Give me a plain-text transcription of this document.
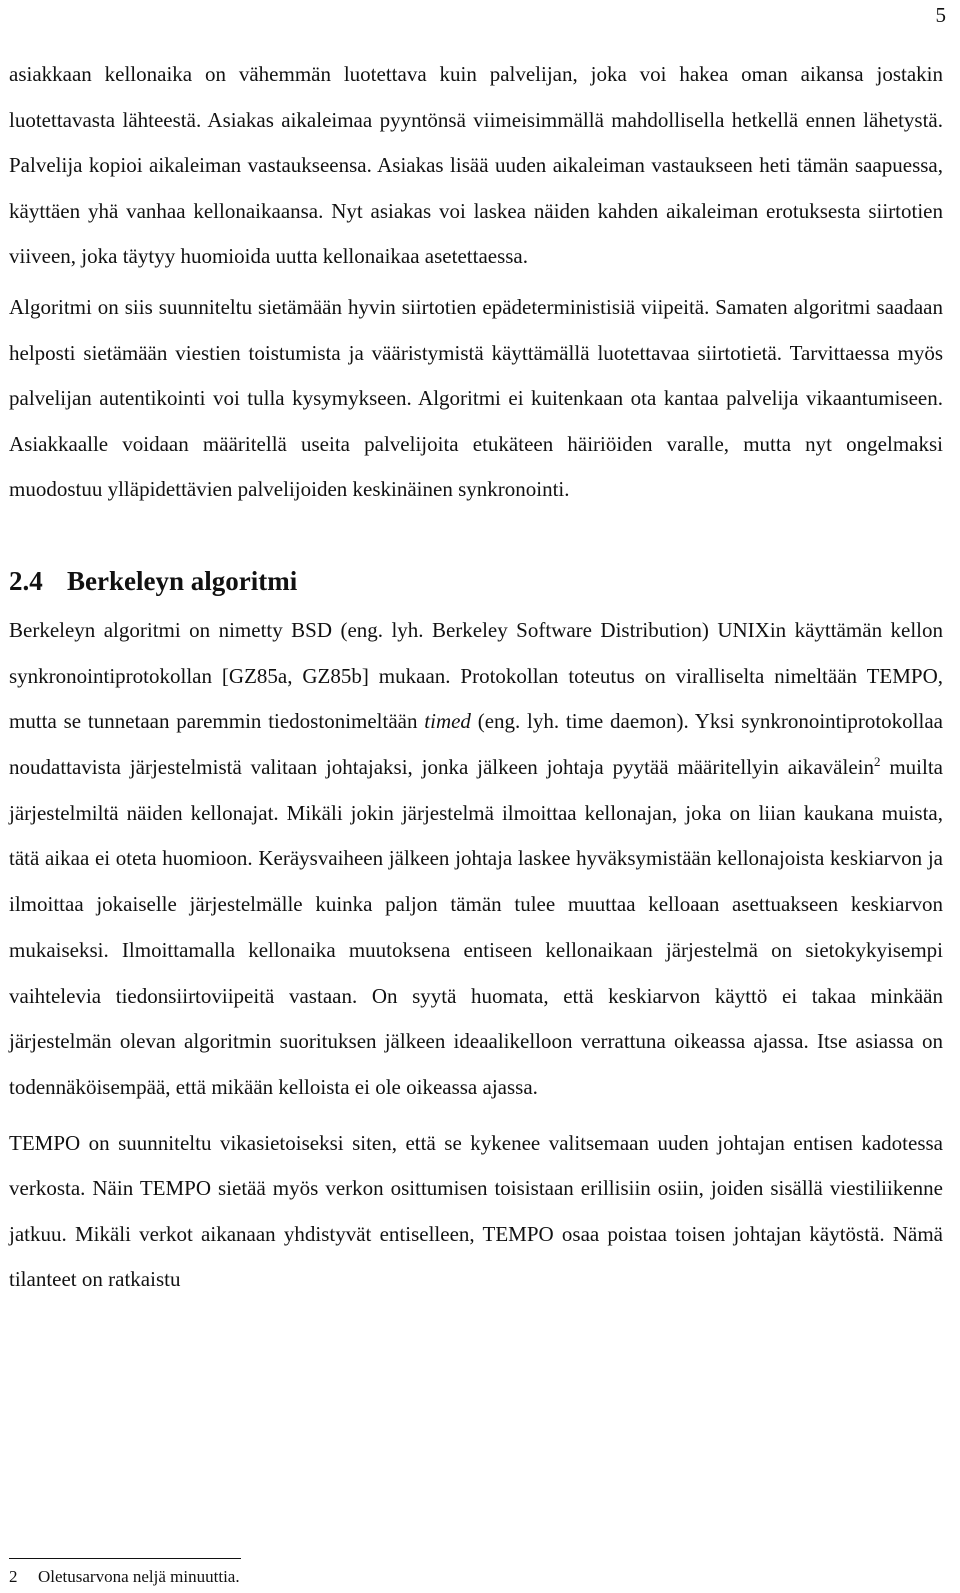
5

asiakkaan kellonaika on vähemmän luotettava kuin palvelijan, joka voi hakea oman aikansa jostakin luotettavasta lähteestä. Asiakas aikaleimaa pyyntönsä viimeisimmällä mahdollisella hetkellä ennen lähetystä. Palvelija kopioi aikaleiman vastaukseensa. Asiakas lisää uuden aikaleiman vastaukseen heti tämän saapuessa, käyttäen yhä vanhaa kellonaikaansa. Nyt asiakas voi laskea näiden kahden aikaleiman erotuksesta siirtotien viiveen, joka täytyy huomioida uutta kellonaikaa asetettaessa.

Algoritmi on siis suunniteltu sietämään hyvin siirtotien epädeterministisiä viipeitä. Samaten algoritmi saadaan helposti sietämään viestien toistumista ja vääristymistä käyttämällä luotettavaa siirtotietä. Tarvittaessa myös palvelijan autentikointi voi tulla kysymykseen. Algoritmi ei kuitenkaan ota kantaa palvelija vikaantumiseen. Asiakkaalle voidaan määritellä useita palvelijoita etukäteen häiriöiden varalle, mutta nyt ongelmaksi muodostuu ylläpidettävien palvelijoiden keskinäinen synkronointi.

2.4 Berkeleyn algoritmi

Berkeleyn algoritmi on nimetty BSD (eng. lyh. Berkeley Software Distribution) UNIXin käyttämän kellon synkronointiprotokollan [GZ85a, GZ85b] mukaan. Protokollan toteutus on viralliselta nimeltään TEMPO, mutta se tunnetaan paremmin tiedostonimeltään timed (eng. lyh. time daemon). Yksi synkronointiprotokollaa noudattavista järjestelmistä valitaan johtajaksi, jonka jälkeen johtaja pyytää määritellyin aikavälein$^2$ muilta järjestelmiltä näiden kellonajat. Mikäli jokin järjestelmä ilmoittaa kellonajan, joka on liian kaukana muista, tätä aikaa ei oteta huomioon. Keräysvaiheen jälkeen johtaja laskee hyväksymistään kellonajoista keskiarvon ja ilmoittaa jokaiselle järjestelmälle kuinka paljon tämän tulee muuttaa kelloaan asettuakseen keskiarvon mukaiseksi. Ilmoittamalla kellonaika muutoksena entiseen kellonaikaan järjestelmä on sietokykyisempi vaihtelevia tiedonsiirtoviipeitä vastaan. On syytä huomata, että keskiarvon käyttö ei takaa minkään järjestelmän olevan algoritmin suorituksen jälkeen ideaalikelloon verrattuna oikeassa ajassa. Itse asiassa on todennäköisempää, että mikään kelloista ei ole oikeassa ajassa.

TEMPO on suunniteltu vikasietoiseksi siten, että se kykenee valitsemaan uuden johtajan entisen kadotessa verkosta. Näin TEMPO sietää myös verkon osittumisen toisistaan erillisiin osiin, joiden sisällä viestiliikenne jatkuu. Mikäli verkot aikanaan yhdistyvät entiselleen, TEMPO osaa poistaa toisen johtajan käytöstä. Nämä tilanteet on ratkaistu

2 Oletusarvona neljä minuuttia.
